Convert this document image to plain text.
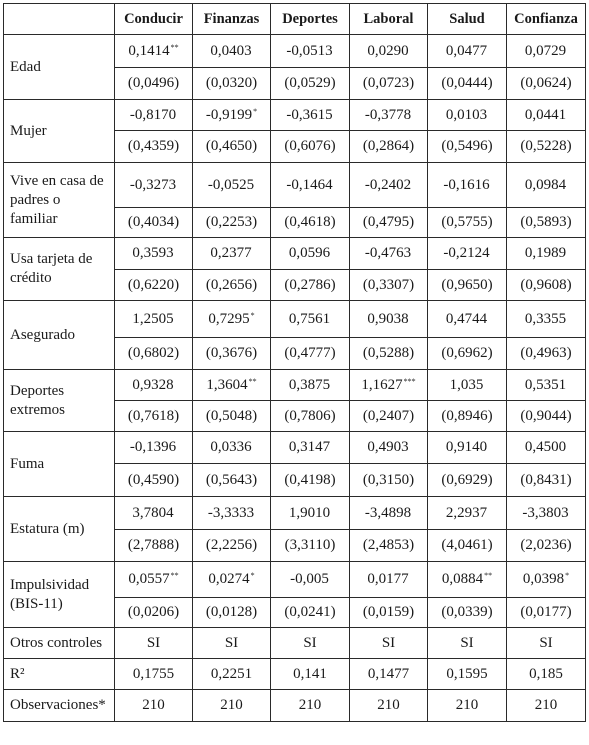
	Conducir	Finanzas	Deportes	Laboral	Salud	Confianza
Edad	0,1414**	0,0403	-0,0513	0,0290	0,0477	0,0729
	(0,0496)	(0,0320)	(0,0529)	(0,0723)	(0,0444)	(0,0624)
Mujer	-0,8170	-0,9199*	-0,3615	-0,3778	0,0103	0,0441
	(0,4359)	(0,4650)	(0,6076)	(0,2864)	(0,5496)	(0,5228)
Vive en casa de padres o familiar	-0,3273	-0,0525	-0,1464	-0,2402	-0,1616	0,0984
	(0,4034)	(0,2253)	(0,4618)	(0,4795)	(0,5755)	(0,5893)
Usa tarjeta de crédito	0,3593	0,2377	0,0596	-0,4763	-0,2124	0,1989
	(0,6220)	(0,2656)	(0,2786)	(0,3307)	(0,9650)	(0,9608)
Asegurado	1,2505	0,7295*	0,7561	0,9038	0,4744	0,3355
	(0,6802)	(0,3676)	(0,4777)	(0,5288)	(0,6962)	(0,4963)
Deportes extremos	0,9328	1,3604**	0,3875	1,1627***	1,035	0,5351
	(0,7618)	(0,5048)	(0,7806)	(0,2407)	(0,8946)	(0,9044)
Fuma	-0,1396	0,0336	0,3147	0,4903	0,9140	0,4500
	(0,4590)	(0,5643)	(0,4198)	(0,3150)	(0,6929)	(0,8431)
Estatura (m)	3,7804	-3,3333	1,9010	-3,4898	2,2937	-3,3803
	(2,7888)	(2,2256)	(3,3110)	(2,4853)	(4,0461)	(2,0236)
Impulsividad (BIS-11)	0,0557**	0,0274*	-0,005	0,0177	0,0884**	0,0398*
	(0,0206)	(0,0128)	(0,0241)	(0,0159)	(0,0339)	(0,0177)
Otros controles	SI	SI	SI	SI	SI	SI
R²	0,1755	0,2251	0,141	0,1477	0,1595	0,185
Observaciones*	210	210	210	210	210	210
